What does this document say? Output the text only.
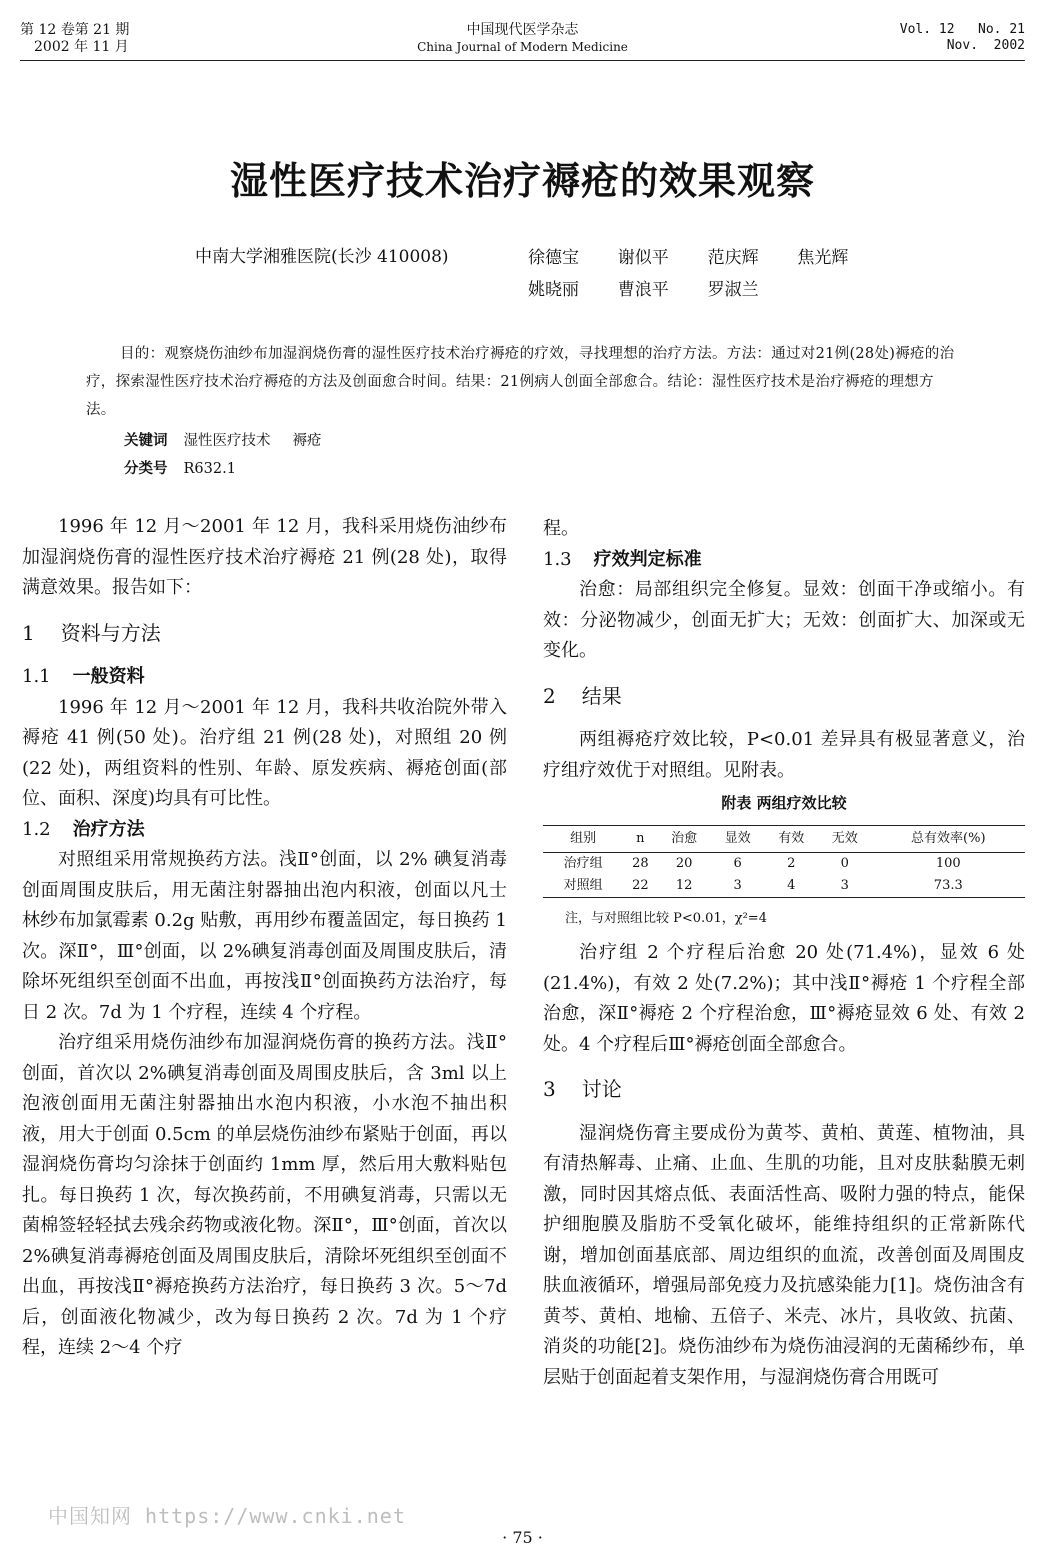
第 12 卷第 21 期
2002 年 11 月
中国现代医学杂志
China Journal of Modern Medicine
Vol. 12   No. 21
Nov.  2002
湿性医疗技术治疗褥疮的效果观察
中南大学湘雅医院(长沙 410008)	徐德宝  谢似平  范庆辉  焦光辉
姚晓丽  曹浪平  罗淑兰

目的：观察烧伤油纱布加湿润烧伤膏的湿性医疗技术治疗褥疮的疗效，寻找理想的治疗方法。方法：通过对21例(28处)褥疮的治疗，探索湿性医疗技术治疗褥疮的方法及创面愈合时间。结果：21例病人创面全部愈合。结论：湿性医疗技术是治疗褥疮的理想方法。

关键词 湿性医疗技术 褥疮
分类号 R632.1

1996 年 12 月～2001 年 12 月，我科采用烧伤油纱布加湿润烧伤膏的湿性医疗技术治疗褥疮 21 例(28 处)，取得满意效果。报告如下：

1 资料与方法
1.1 一般资料

1996 年 12 月～2001 年 12 月，我科共收治院外带入褥疮 41 例(50 处)。治疗组 21 例(28 处)，对照组 20 例(22 处)，两组资料的性别、年龄、原发疾病、褥疮创面(部位、面积、深度)均具有可比性。

1.2 治疗方法

对照组采用常规换药方法。浅Ⅱ°创面，以 2% 碘复消毒创面周围皮肤后，用无菌注射器抽出泡内积液，创面以凡士林纱布加氯霉素 0.2g 贴敷，再用纱布覆盖固定，每日换药 1 次。深Ⅱ°，Ⅲ°创面，以 2%碘复消毒创面及周围皮肤后，清除坏死组织至创面不出血，再按浅Ⅱ°创面换药方法治疗，每日 2 次。7d 为 1 个疗程，连续 4 个疗程。

治疗组采用烧伤油纱布加湿润烧伤膏的换药方法。浅Ⅱ°创面，首次以 2%碘复消毒创面及周围皮肤后，含 3ml 以上泡液创面用无菌注射器抽出水泡内积液，小水泡不抽出积液，用大于创面 0.5cm 的单层烧伤油纱布紧贴于创面，再以湿润烧伤膏均匀涂抹于创面约 1mm 厚，然后用大敷料贴包扎。每日换药 1 次，每次换药前，不用碘复消毒，只需以无菌棉签轻轻拭去残余药物或液化物。深Ⅱ°，Ⅲ°创面，首次以 2%碘复消毒褥疮创面及周围皮肤后，清除坏死组织至创面不出血，再按浅Ⅱ°褥疮换药方法治疗，每日换药 3 次。5～7d 后，创面液化物减少，改为每日换药 2 次。7d 为 1 个疗程，连续 2～4 个疗

程。

1.3 疗效判定标准

治愈：局部组织完全修复。显效：创面干净或缩小。有效：分泌物减少，创面无扩大；无效：创面扩大、加深或无变化。

2 结果

两组褥疮疗效比较，P<0.01 差异具有极显著意义，治疗组疗效优于对照组。见附表。

附表 两组疗效比较
组别	n	治愈	显效	有效	无效	总有效率(%)
治疗组	28	20	6	2	0	100
对照组	22	12	3	4	3	73.3
注，与对照组比较 P<0.01，χ²=4

治疗组 2 个疗程后治愈 20 处(71.4%)，显效 6 处(21.4%)，有效 2 处(7.2%)；其中浅Ⅱ°褥疮 1 个疗程全部治愈，深Ⅱ°褥疮 2 个疗程治愈，Ⅲ°褥疮显效 6 处、有效 2 处。4 个疗程后Ⅲ°褥疮创面全部愈合。

3 讨论

湿润烧伤膏主要成份为黄芩、黄柏、黄莲、植物油，具有清热解毒、止痛、止血、生肌的功能，且对皮肤黏膜无刺激，同时因其熔点低、表面活性高、吸附力强的特点，能保护细胞膜及脂肪不受氧化破坏，能维持组织的正常新陈代谢，增加创面基底部、周边组织的血流，改善创面及周围皮肤血液循环，增强局部免疫力及抗感染能力[1]。烧伤油含有黄芩、黄柏、地榆、五倍子、米壳、冰片，具收敛、抗菌、消炎的功能[2]。烧伤油纱布为烧伤油浸润的无菌稀纱布，单层贴于创面起着支架作用，与湿润烧伤膏合用既可

中国知网 https://www.cnki.net
· 75 ·
